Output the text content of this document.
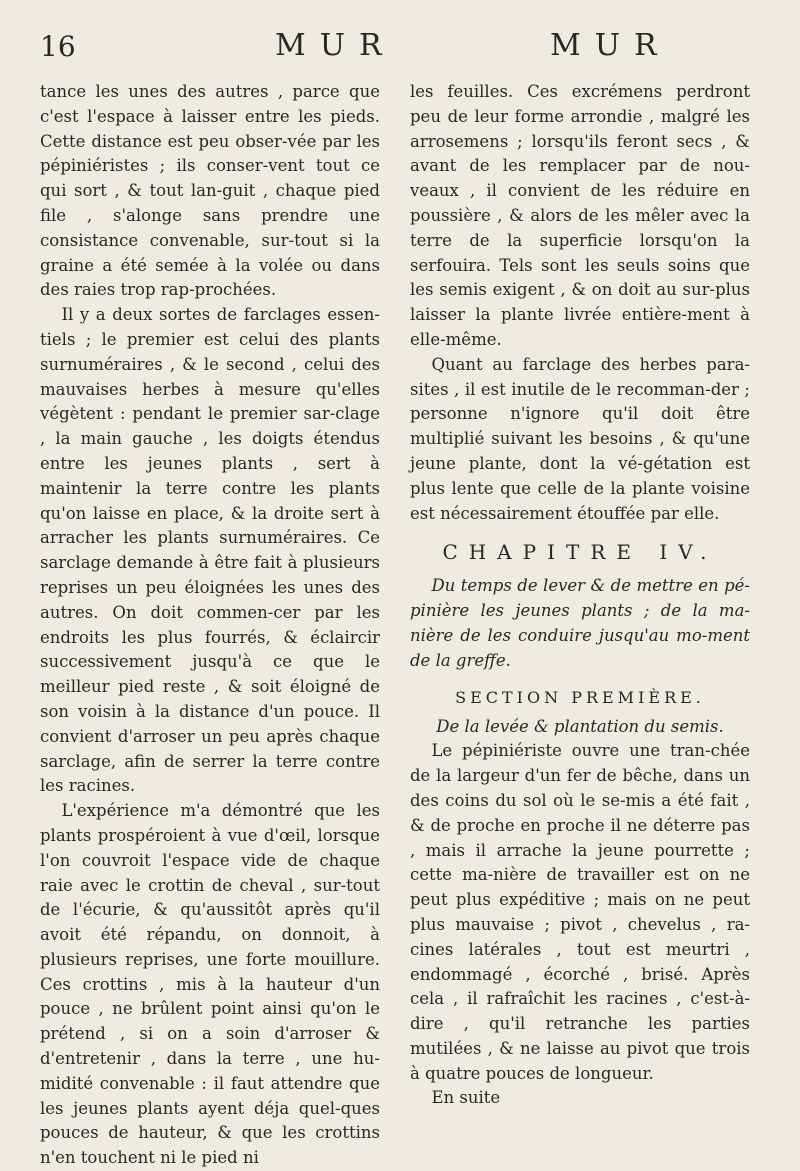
16	MUR	MUR

tance les unes des autres , parce que c'est l'espace à laisser entre les pieds. Cette distance est peu obser-vée par les pépiniéristes ; ils conser-vent tout ce qui sort , & tout lan-guit , chaque pied file , s'alonge sans prendre une consistance convenable, sur-tout si la graine a été semée à la volée ou dans des raies trop rap-prochées.

Il y a deux sortes de farclages essen-tiels ; le premier est celui des plants surnuméraires , & le second , celui des mauvaises herbes à mesure qu'elles végètent : pendant le premier sar-clage , la main gauche , les doigts étendus entre les jeunes plants , sert à maintenir la terre contre les plants qu'on laisse en place, & la droite sert à arracher les plants surnuméraires. Ce sarclage demande à être fait à plusieurs reprises un peu éloignées les unes des autres. On doit commen-cer par les endroits les plus fourrés, & éclaircir successivement jusqu'à ce que le meilleur pied reste , & soit éloigné de son voisin à la distance d'un pouce. Il convient d'arroser un peu après chaque sarclage, afin de serrer la terre contre les racines.

L'expérience m'a démontré que les plants prospéroient à vue d'œil, lorsque l'on couvroit l'espace vide de chaque raie avec le crottin de cheval , sur-tout de l'écurie, & qu'aussitôt après qu'il avoit été répandu, on donnoit, à plusieurs reprises, une forte mouillure. Ces crottins , mis à la hauteur d'un pouce , ne brûlent point ainsi qu'on le prétend , si on a soin d'arroser & d'entretenir , dans la terre , une hu-midité convenable : il faut attendre que les jeunes plants ayent déja quel-ques pouces de hauteur, & que les crottins n'en touchent ni le pied ni

les feuilles. Ces excrémens perdront peu de leur forme arrondie , malgré les arrosemens ; lorsqu'ils feront secs , & avant de les remplacer par de nou-veaux , il convient de les réduire en poussière , & alors de les mêler avec la terre de la superficie lorsqu'on la serfouira. Tels sont les seuls soins que les semis exigent , & on doit au sur-plus laisser la plante livrée entière-ment à elle-même.

Quant au farclage des herbes para-sites , il est inutile de le recomman-der ; personne n'ignore qu'il doit être multiplié suivant les besoins , & qu'une jeune plante, dont la vé-gétation est plus lente que celle de la plante voisine est nécessairement étouffée par elle.

CHAPITRE IV.

Du temps de lever & de mettre en pé-pinière les jeunes plants ; de la ma-nière de les conduire jusqu'au mo-ment de la greffe.

SECTION PREMIÈRE.

De la levée & plantation du semis.

Le pépiniériste ouvre une tran-chée de la largeur d'un fer de bêche, dans un des coins du sol où le se-mis a été fait , & de proche en proche il ne déterre pas , mais il arrache la jeune pourrette ; cette ma-nière de travailler est on ne peut plus expéditive ; mais on ne peut plus mauvaise ; pivot , chevelus , ra-cines latérales , tout est meurtri , endommagé , écorché , brisé. Après cela , il rafraîchit les racines , c'est-à-dire , qu'il retranche les parties mutilées , & ne laisse au pivot que trois à quatre pouces de longueur.

En suite
